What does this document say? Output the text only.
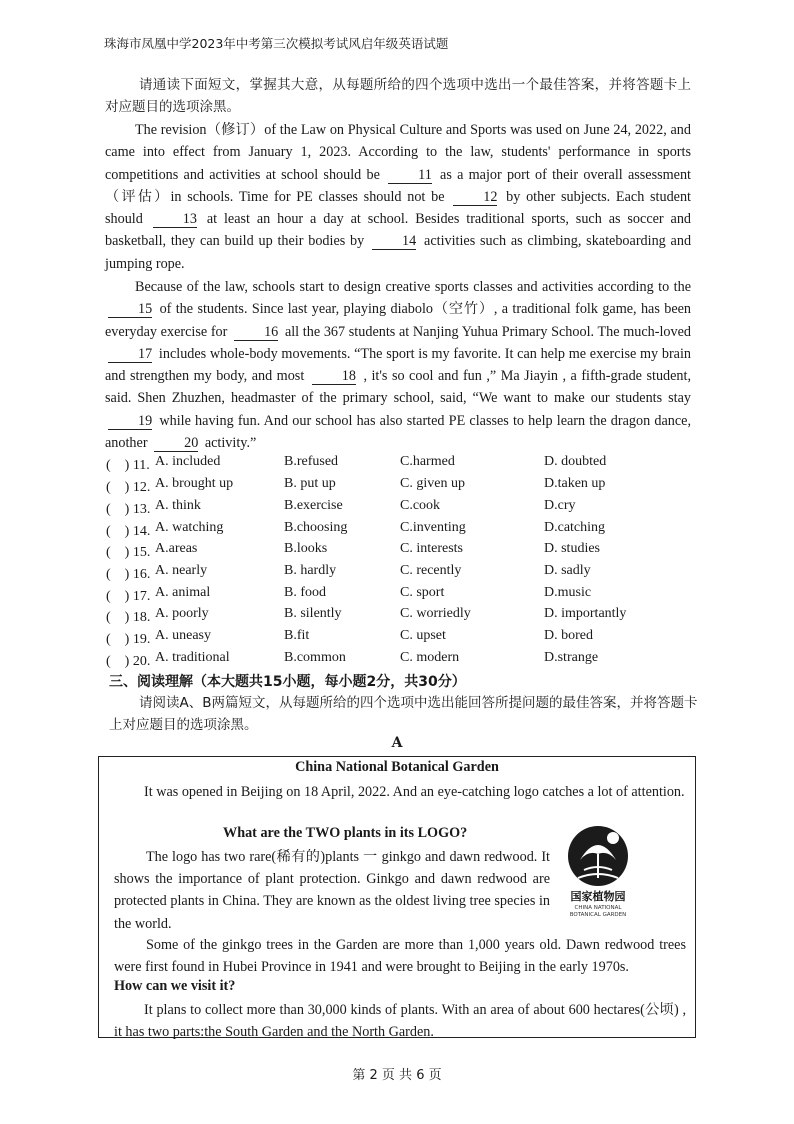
珠海市凤凰中学2023年中考第三次模拟考试风启年级英语试题
请通读下面短文，掌握其大意，从每题所给的四个选项中选出一个最佳答案，并将答题卡上对应题目的选项涂黑。
The revision（修订）of the Law on Physical Culture and Sports was used on June 24, 2022, and came into effect from January 1, 2023. According to the law, students' performance in sports competitions and activities at school should be	11 as a major port of their overall assessment（评估）in schools. Time for PE classes should not be	12 by other subjects. Each student should	13 at least an hour a day at school. Besides traditional sports, such as soccer and basketball, they can build up their bodies by	14 activities such as climbing, skateboarding and jumping rope.
Because of the law, schools start to design creative sports classes and activities according to the 15 of the students. Since last year, playing diabolo（空竹）, a traditional folk game, has been everyday exercise for	16 all the 367 students at Nanjing Yuhua Primary School. The much-loved 17 includes whole-body movements. “The sport is my favorite. It can help me exercise my brain and strengthen my body, and most	18 , it's so cool and fun ,” Ma Jiayin , a fifth-grade student, said. Shen Zhuzhen, headmaster of the primary school, said, “We want to make our students stay 19 while having fun. And our school has also started PE classes to help learn the dragon dance, another	20 activity.”
(　) 11. A. included	B.refused	C.harmed	D. doubted
(　) 12. A. brought up	B. put up	C. given up	D.taken up
(　) 13. A. think	B.exercise	C.cook	D.cry
(　) 14. A. watching	B.choosing	C.inventing	D.catching
(　) 15. A.areas	B.looks	C. interests	D. studies
(　) 16. A. nearly	B. hardly	C. recently	D. sadly
(　) 17. A. animal	B. food	C. sport	D.music
(　) 18. A. poorly	B. silently	C. worriedly	D. importantly
(　) 19. A. uneasy	B.fit	C. upset	D. bored
(　) 20. A. traditional	B.common	C. modern	D.strange
三、阅读理解（本大题共15小题，每小题2分，共30分）
请阅读A、B两篇短文，从每题所给的四个选项中选出能回答所提问题的最佳答案，并将答题卡上对应题目的选项涂黑。
A
China National Botanical Garden
It was opened in Beijing on 18 April, 2022. And an eye-catching logo catches a lot of attention.
What are the TWO plants in its LOGO?
The logo has two rare(稀有的)plants 一 ginkgo and dawn redwood. It shows the importance of plant protection. Ginkgo and dawn redwood are protected plants in China. They are known as the oldest living tree species in the world.
国家植物园
CHINA NATIONAL
BOTANICAL GARDEN
Some of the ginkgo trees in the Garden are more than 1,000 years old. Dawn redwood trees were first found in Hubei Province in 1941 and were brought to Beijing in the early 1970s.
How can we visit it?
It plans to collect more than 30,000 kinds of plants. With an area of about 600 hectares(公顷) , it has two parts:the South Garden and the North Garden.
第 2 页 共 6 页
